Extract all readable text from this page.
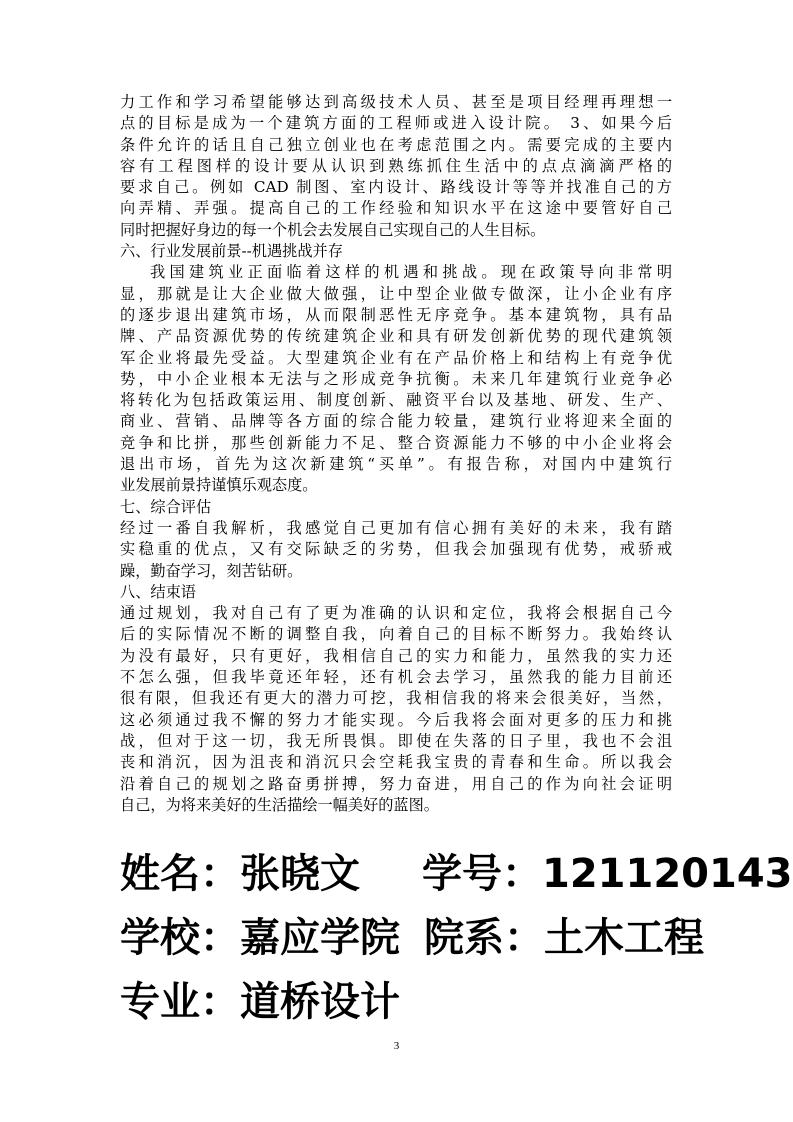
力工作和学习希望能够达到高级技术人员、甚至是项目经理再理想一
点的目标是成为一个建筑方面的工程师或进入设计院。 3、如果今后
条件允许的话且自己独立创业也在考虑范围之内。需要完成的主要内
容有工程图样的设计要从认识到熟练抓住生活中的点点滴滴严格的
要求自己。例如 CAD 制图、室内设计、路线设计等等并找准自己的方
向弄精、弄强。提高自己的工作经验和知识水平在这途中要管好自己
同时把握好身边的每一个机会去发展自己实现自己的人生目标。
六、行业发展前景--机遇挑战并存
我国建筑业正面临着这样的机遇和挑战。现在政策导向非常明
显，那就是让大企业做大做强，让中型企业做专做深，让小企业有序
的逐步退出建筑市场，从而限制恶性无序竞争。基本建筑物，具有品
牌、产品资源优势的传统建筑企业和具有研发创新优势的现代建筑领
军企业将最先受益。大型建筑企业有在产品价格上和结构上有竞争优
势，中小企业根本无法与之形成竞争抗衡。未来几年建筑行业竞争必
将转化为包括政策运用、制度创新、融资平台以及基地、研发、生产、
商业、营销、品牌等各方面的综合能力较量，建筑行业将迎来全面的
竞争和比拼，那些创新能力不足、整合资源能力不够的中小企业将会
退出市场，首先为这次新建筑“买单”。有报告称，对国内中建筑行
业发展前景持谨慎乐观态度。
七、综合评估
经过一番自我解析，我感觉自己更加有信心拥有美好的未来，我有踏
实稳重的优点，又有交际缺乏的劣势，但我会加强现有优势，戒骄戒
躁，勤奋学习，刻苦钻研。
八、结束语
通过规划，我对自己有了更为准确的认识和定位，我将会根据自己今
后的实际情况不断的调整自我，向着自己的目标不断努力。我始终认
为没有最好，只有更好，我相信自己的实力和能力，虽然我的实力还
不怎么强，但我毕竟还年轻，还有机会去学习，虽然我的能力目前还
很有限，但我还有更大的潜力可挖，我相信我的将来会很美好，当然，
这必须通过我不懈的努力才能实现。今后我将会面对更多的压力和挑
战，但对于这一切，我无所畏惧。即使在失落的日子里，我也不会沮
丧和消沉，因为沮丧和消沉只会空耗我宝贵的青春和生命。所以我会
沿着自己的规划之路奋勇拼搏，努力奋进，用自己的作为向社会证明
自己，为将来美好的生活描绘一幅美好的蓝图。
姓名：张晓文 学号：121120143
学校：嘉应学院 院系：土木工程
专业：道桥设计
3
